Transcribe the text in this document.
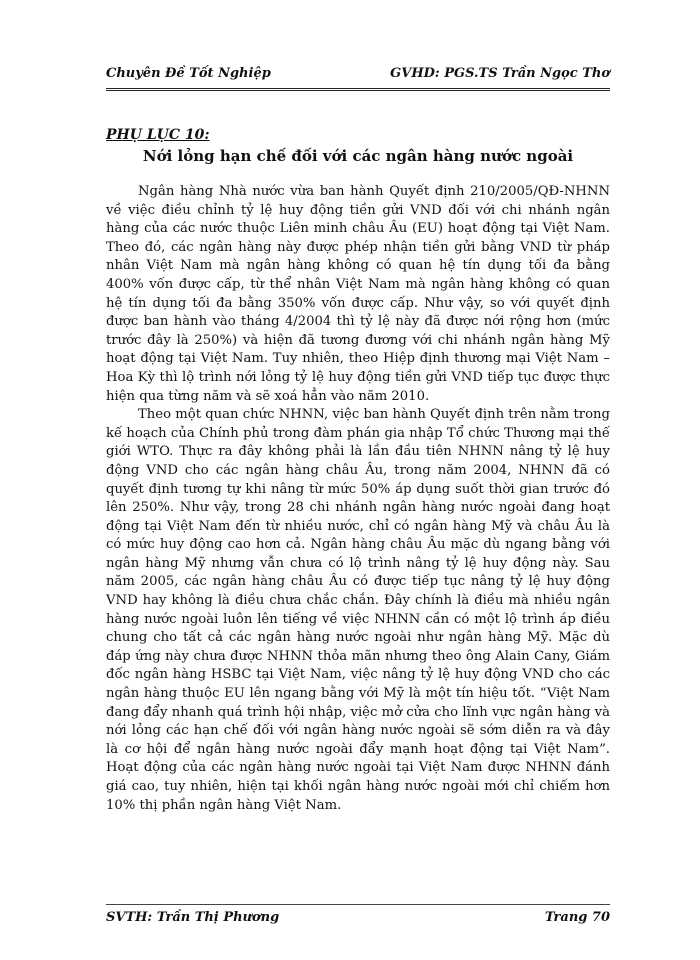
Chuyên Đề Tốt Nghiệp	GVHD: PGS.TS Trần Ngọc Thơ
PHỤ LỤC 10:
Nới lỏng hạn chế đối với các ngân hàng nước ngoài

Ngân hàng Nhà nước vừa ban hành Quyết định 210/2005/QĐ-NHNN về việc điều chỉnh tỷ lệ huy động tiền gửi VND đối với chi nhánh ngân hàng của các nước thuộc Liên minh châu Âu (EU) hoạt động tại Việt Nam. Theo đó, các ngân hàng này được phép nhận tiền gửi bằng VND từ pháp nhân Việt Nam mà ngân hàng không có quan hệ tín dụng tối đa bằng 400% vốn được cấp, từ thể nhân Việt Nam mà ngân hàng không có quan hệ tín dụng tối đa bằng 350% vốn được cấp. Như vậy, so với quyết định được ban hành vào tháng 4/2004 thì tỷ lệ này đã được nới rộng hơn (mức trước đây là 250%) và hiện đã tương đương với chi nhánh ngân hàng Mỹ hoạt động tại Việt Nam. Tuy nhiên, theo Hiệp định thương mại Việt Nam – Hoa Kỳ thì lộ trình nới lỏng tỷ lệ huy động tiền gửi VND tiếp tục được thực hiện qua từng năm và sẽ xoá hẳn vào năm 2010.

Theo một quan chức NHNN, việc ban hành Quyết định trên nằm trong kế hoạch của Chính phủ trong đàm phán gia nhập Tổ chức Thương mại thế giới WTO. Thực ra đây không phải là lần đầu tiên NHNN nâng tỷ lệ huy động VND cho các ngân hàng châu Âu, trong năm 2004, NHNN đã có quyết định tương tự khi nâng từ mức 50% áp dụng suốt thời gian trước đó lên 250%. Như vậy, trong 28 chi nhánh ngân hàng nước ngoài đang hoạt động tại Việt Nam đến từ nhiều nước, chỉ có ngân hàng Mỹ và châu Âu là có mức huy động cao hơn cả. Ngân hàng châu Âu mặc dù ngang bằng với ngân hàng Mỹ nhưng vẫn chưa có lộ trình nâng tỷ lệ huy động này. Sau năm 2005, các ngân hàng châu Âu có được tiếp tục nâng tỷ lệ huy động VND hay không là điều chưa chắc chắn. Đây chính là điều mà nhiều ngân hàng nước ngoài luôn lên tiếng về việc NHNN cần có một lộ trình áp điều chung cho tất cả các ngân hàng nước ngoài như ngân hàng Mỹ. Mặc dù đáp ứng này chưa được NHNN thỏa mãn nhưng theo ông Alain Cany, Giám đốc ngân hàng HSBC tại Việt Nam, việc nâng tỷ lệ huy động VND cho các ngân hàng thuộc EU lên ngang bằng với Mỹ là một tín hiệu tốt. “Việt Nam đang đẩy nhanh quá trình hội nhập, việc mở cửa cho lĩnh vực ngân hàng và nới lỏng các hạn chế đối với ngân hàng nước ngoài sẽ sớm diễn ra và đây là cơ hội để ngân hàng nước ngoài đẩy mạnh hoạt động tại Việt Nam”. Hoạt động của các ngân hàng nước ngoài tại Việt Nam được NHNN đánh giá cao, tuy nhiên, hiện tại khối ngân hàng nước ngoài mới chỉ chiếm hơn 10% thị phần ngân hàng Việt Nam.

SVTH: Trần Thị Phương	Trang 70
